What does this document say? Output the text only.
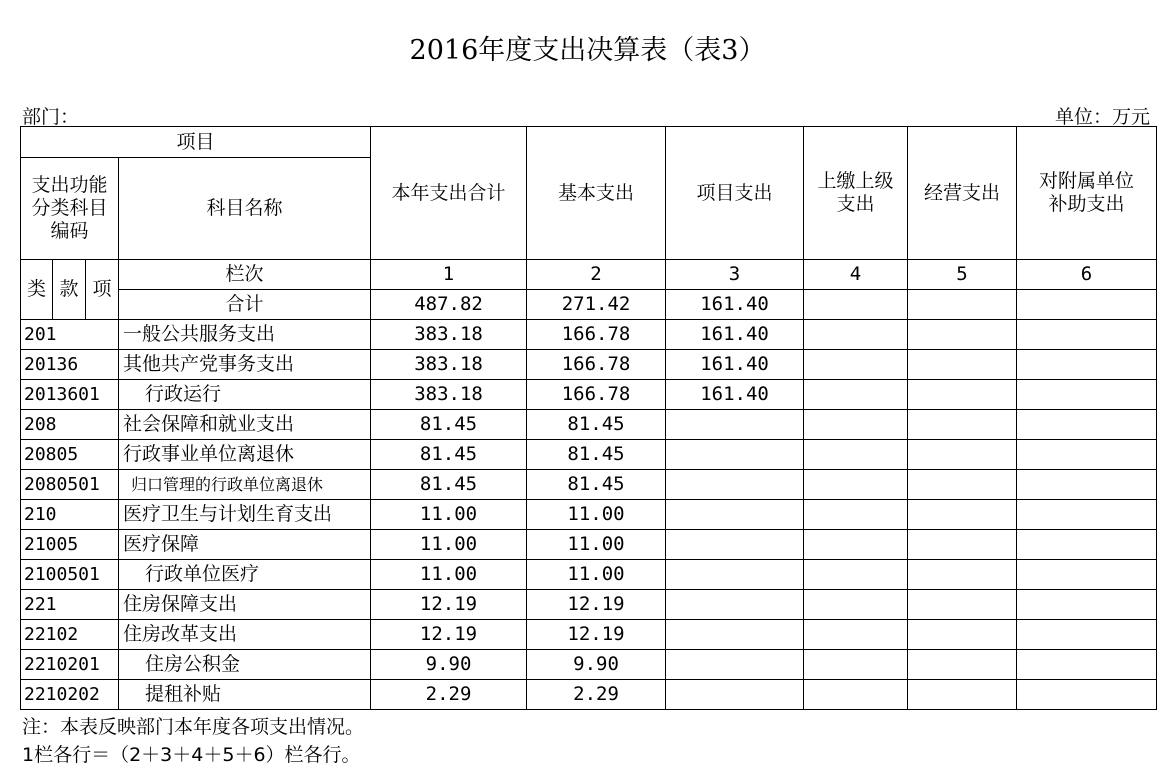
2016年度支出决算表（表3）
部门：	单位：万元
项目				本年支出合计	基本支出	项目支出	上缴上级支出	经营支出	对附属单位补助支出
支出功能分类科目编码			科目名称						
类	款	项	栏次	1	2	3	4	5	6
			合计	487.82	271.42	161.40			
201			一般公共服务支出	383.18	166.78	161.40			
20136			其他共产党事务支出	383.18	166.78	161.40			
2013601			行政运行	383.18	166.78	161.40			
208			社会保障和就业支出	81.45	81.45				
20805			行政事业单位离退休	81.45	81.45				
2080501			归口管理的行政单位离退休	81.45	81.45				
210			医疗卫生与计划生育支出	11.00	11.00				
21005			医疗保障	11.00	11.00				
2100501			行政单位医疗	11.00	11.00				
221			住房保障支出	12.19	12.19				
22102			住房改革支出	12.19	12.19				
2210201			住房公积金	9.90	9.90				
2210202			提租补贴	2.29	2.29				
注：本表反映部门本年度各项支出情况。
1栏各行＝（2＋3＋4＋5＋6）栏各行。
